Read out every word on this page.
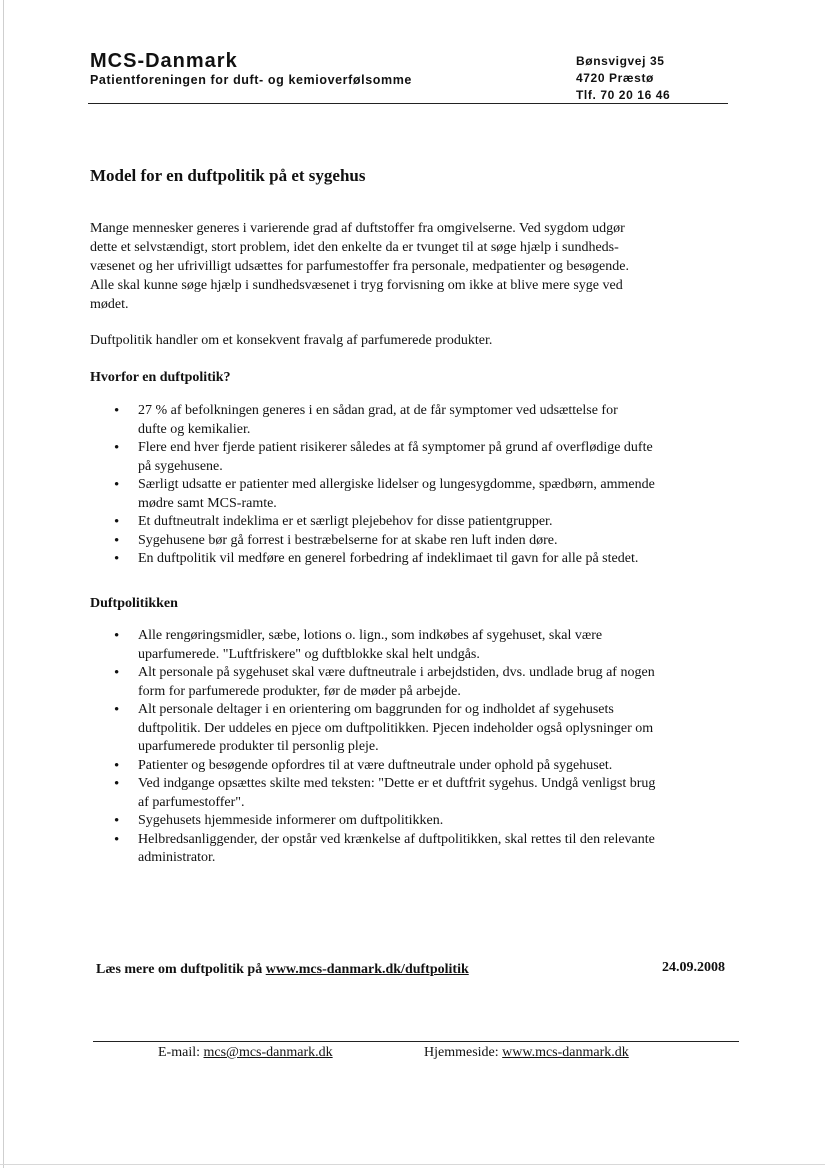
MCS-Danmark
Patientforeningen for duft- og kemioverfølsomme
Bønsvigvej 35
4720 Præstø
Tlf. 70 20 16 46
Model for en duftpolitik på et sygehus
Mange mennesker generes i varierende grad af duftstoffer fra omgivelserne. Ved sygdom udgør
dette et selvstændigt, stort problem, idet den enkelte da er tvunget til at søge hjælp i sundheds-
væsenet og her ufrivilligt udsættes for parfumestoffer fra personale, medpatienter og besøgende.
Alle skal kunne søge hjælp i sundhedsvæsenet i tryg forvisning om ikke at blive mere syge ved
mødet.
Duftpolitik handler om et konsekvent fravalg af parfumerede produkter.
Hvorfor en duftpolitik?
• 27 % af befolkningen generes i en sådan grad, at de får symptomer ved udsættelse for
dufte og kemikalier.
• Flere end hver fjerde patient risikerer således at få symptomer på grund af overflødige dufte
på sygehusene.
• Særligt udsatte er patienter med allergiske lidelser og lungesygdomme, spædbørn, ammende
mødre samt MCS-ramte.
• Et duftneutralt indeklima er et særligt plejebehov for disse patientgrupper.
• Sygehusene bør gå forrest i bestræbelserne for at skabe ren luft inden døre.
• En duftpolitik vil medføre en generel forbedring af indeklimaet til gavn for alle på stedet.
Duftpolitikken
• Alle rengøringsmidler, sæbe, lotions o. lign., som indkøbes af sygehuset, skal være
uparfumerede. "Luftfriskere" og duftblokke skal helt undgås.
• Alt personale på sygehuset skal være duftneutrale i arbejdstiden, dvs. undlade brug af nogen
form for parfumerede produkter, før de møder på arbejde.
• Alt personale deltager i en orientering om baggrunden for og indholdet af sygehusets
duftpolitik. Der uddeles en pjece om duftpolitikken. Pjecen indeholder også oplysninger om
uparfumerede produkter til personlig pleje.
• Patienter og besøgende opfordres til at være duftneutrale under ophold på sygehuset.
• Ved indgange opsættes skilte med teksten: "Dette er et duftfrit sygehus. Undgå venligst brug
af parfumestoffer".
• Sygehusets hjemmeside informerer om duftpolitikken.
• Helbredsanliggender, der opstår ved krænkelse af duftpolitikken, skal rettes til den relevante
administrator.
Læs mere om duftpolitik på www.mcs-danmark.dk/duftpolitik	24.09.2008
E-mail: mcs@mcs-danmark.dk	Hjemmeside: www.mcs-danmark.dk
